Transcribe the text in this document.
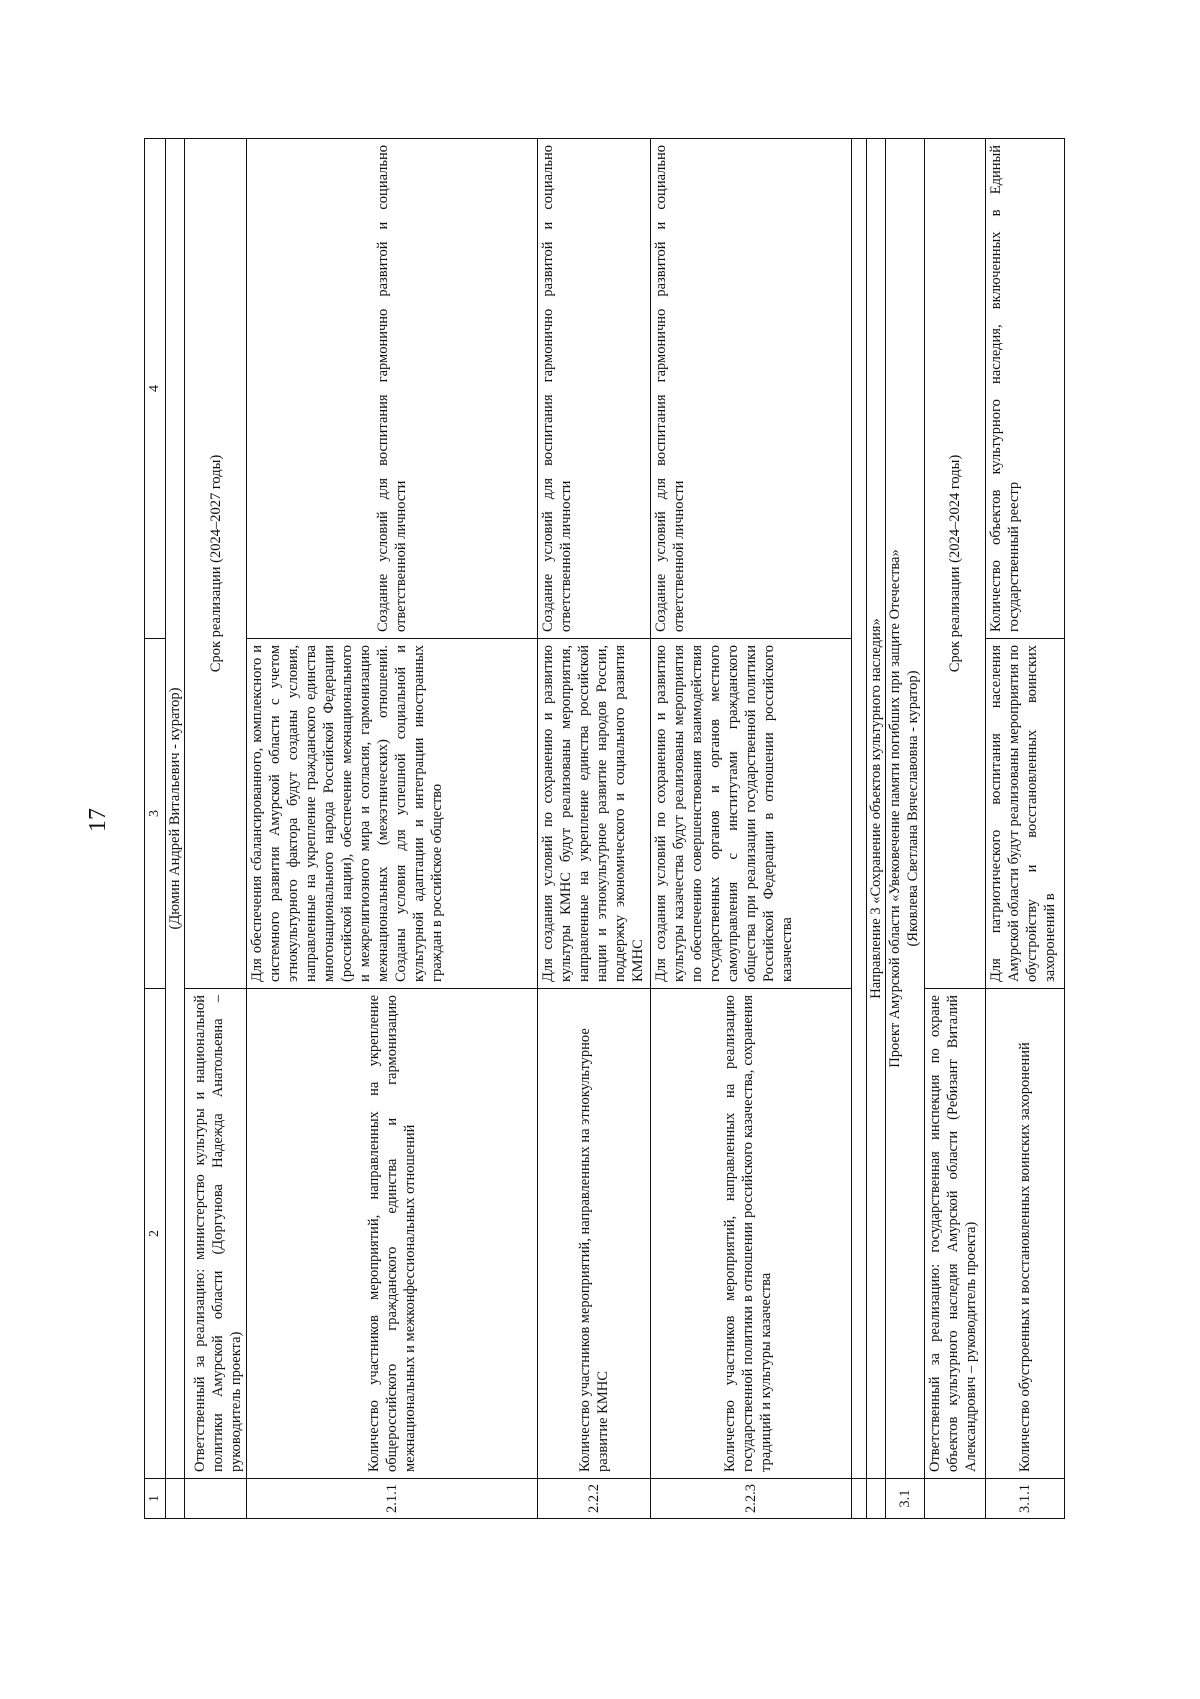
17
1	2	3	4
	(Дюмин Андрей Витальевич - куратор)		
	Ответственный за реализацию: министерство культуры и национальной политики Амурской области (Доргунова Надежда Анатольевна – руководитель проекта)	Срок реализации (2024–2027 годы)	
2.1.1	Количество участников мероприятий, направленных на укрепление общероссийского гражданского единства и гармонизацию межнациональных и межконфессиональных отношений	Для обеспечения сбалансированного, комплексного и системного развития Амурской области с учетом этнокультурного фактора будут созданы условия, направленные на укрепление гражданского единства многонационального народа Российской Федерации (российской нации), обеспечение межнационального и межрелигиозного мира и согласия, гармонизацию межнациональных (межэтнических) отношений. Созданы условия для успешной социальной и культурной адаптации и интеграции иностранных граждан в российское общество	Создание условий для воспитания гармонично развитой и социально ответственной личности
2.2.2	Количество участников мероприятий, направленных на этнокультурное развитие КМНС	Для создания условий по сохранению и развитию культуры КМНС будут реализованы мероприятия, направленные на укрепление единства российской нации и этнокультурное развитие народов России, поддержку экономического и социального развития КМНС	Создание условий для воспитания гармонично развитой и социально ответственной личности
2.2.3	Количество участников мероприятий, направленных на реализацию государственной политики в отношении российского казачества, сохранения традиций и культуры казачества	Для создания условий по сохранению и развитию культуры казачества будут реализованы мероприятия по обеспечению совершенствования взаимодействия государственных органов и органов местного самоуправления с институтами гражданского общества при реализации государственной политики Российской Федерации в отношении российского казачества	Создание условий для воспитания гармонично развитой и социально ответственной личности

	Направление 3 «Сохранение объектов культурного наследия»		
3.1	Проект Амурской области «Увековечение памяти погибших при защите Отечества» (Яковлева Светлана Вячеславовна - куратор)		

	Ответственный за реализацию: государственная инспекция по охране объектов культурного наследия Амурской области (Ребизант Виталий Александрович – руководитель проекта)	Срок реализации (2024–2024 годы)	
3.1.1	Количество обустроенных и восстановленных воинских захоронений	Для патриотического воспитания населения Амурской области будут реализованы мероприятия по обустройству и восстановленных воинских захоронений в	Количество объектов культурного наследия, включенных в Единый государственный реестр
